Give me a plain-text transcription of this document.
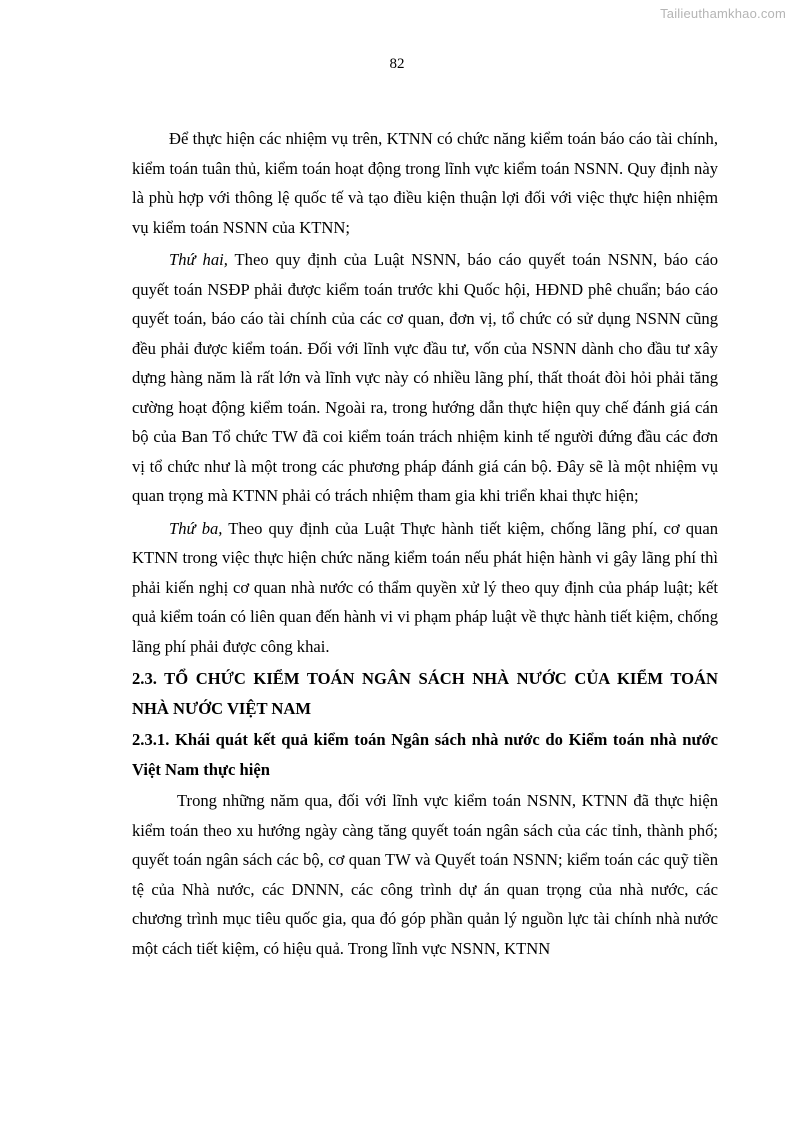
Tailieuthamkhao.com
82

Để thực hiện các nhiệm vụ trên, KTNN có chức năng kiểm toán báo cáo tài chính, kiểm toán tuân thủ, kiểm toán hoạt động trong lĩnh vực kiểm toán NSNN. Quy định này là phù hợp với thông lệ quốc tế và tạo điều kiện thuận lợi đối với việc thực hiện nhiệm vụ kiểm toán NSNN của KTNN;

Thứ hai, Theo quy định của Luật NSNN, báo cáo quyết toán NSNN, báo cáo quyết toán NSĐP phải được kiểm toán trước khi Quốc hội, HĐND phê chuẩn; báo cáo quyết toán, báo cáo tài chính của các cơ quan, đơn vị, tổ chức có sử dụng NSNN cũng đều phải được kiểm toán. Đối với lĩnh vực đầu tư, vốn của NSNN dành cho đầu tư xây dựng hàng năm là rất lớn và lĩnh vực này có nhiều lãng phí, thất thoát đòi hỏi phải tăng cường hoạt động kiểm toán. Ngoài ra, trong hướng dẫn thực hiện quy chế đánh giá cán bộ của Ban Tổ chức TW đã coi kiểm toán trách nhiệm kinh tế người đứng đầu các đơn vị tổ chức như là một trong các phương pháp đánh giá cán bộ. Đây sẽ là một nhiệm vụ quan trọng mà KTNN phải có trách nhiệm tham gia khi triển khai thực hiện;

Thứ ba, Theo quy định của Luật Thực hành tiết kiệm, chống lãng phí, cơ quan KTNN trong việc thực hiện chức năng kiểm toán nếu phát hiện hành vi gây lãng phí thì phải kiến nghị cơ quan nhà nước có thẩm quyền xử lý theo quy định của pháp luật; kết quả kiểm toán có liên quan đến hành vi vi phạm pháp luật về thực hành tiết kiệm, chống lãng phí phải được công khai.

2.3. TỔ CHỨC KIỂM TOÁN NGÂN SÁCH NHÀ NƯỚC CỦA KIỂM TOÁN NHÀ NƯỚC VIỆT NAM

2.3.1. Khái quát kết quả kiểm toán Ngân sách nhà nước do Kiểm toán nhà nước Việt Nam thực hiện

Trong những năm qua, đối với lĩnh vực kiểm toán NSNN, KTNN đã thực hiện kiểm toán theo xu hướng ngày càng tăng quyết toán ngân sách của các tỉnh, thành phố; quyết toán ngân sách các bộ, cơ quan TW và Quyết toán NSNN; kiểm toán các quỹ tiền tệ của Nhà nước, các DNNN, các công trình dự án quan trọng của nhà nước, các chương trình mục tiêu quốc gia, qua đó góp phần quản lý nguồn lực tài chính nhà nước một cách tiết kiệm, có hiệu quả. Trong lĩnh vực NSNN, KTNN
